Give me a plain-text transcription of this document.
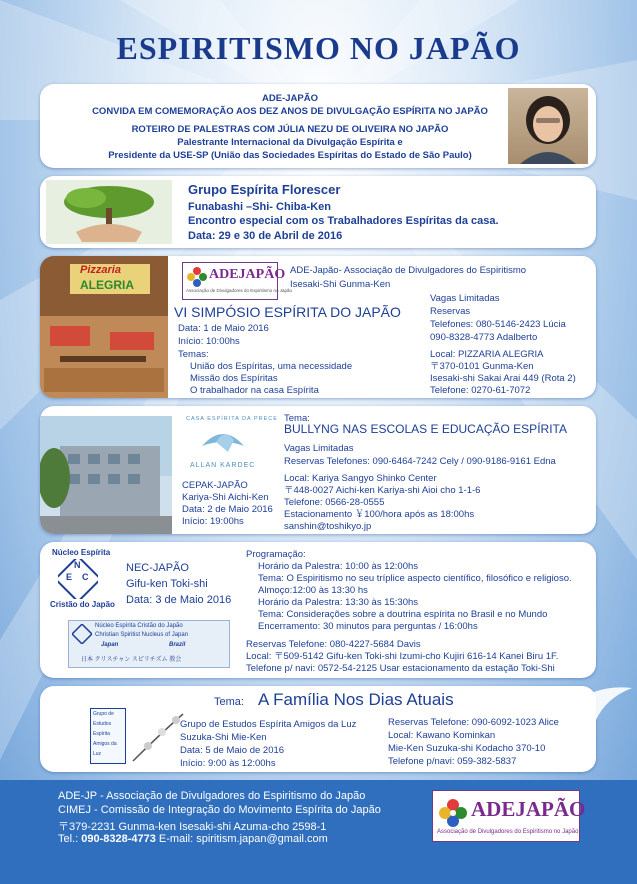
ESPIRITISMO NO JAPÃO
ADE-JAPÃO
CONVIDA EM COMEMORAÇÃO AOS DEZ ANOS DE DIVULGAÇÃO ESPÍRITA NO JAPÃO
ROTEIRO DE PALESTRAS COM JÚLIA NEZU DE OLIVEIRA NO JAPÃO
Palestrante Internacional da Divulgação Espírita e
Presidente da USE-SP (União das Sociedades Espíritas do Estado de São Paulo)
Grupo Espírita Florescer
Funabashi –Shi- Chiba-Ken
Encontro especial com os Trabalhadores Espíritas da casa.
Data: 29 e 30 de Abril de 2016
Pizzaria
ALEGRIA
ADEJAPÃO
Associação de Divulgadores do Espiritismo no Japão
ADE-Japão- Associação de Divulgadores do Espiritismo
Isesaki-Shi Gunma-Ken
VI SIMPÓSIO ESPÍRITA DO JAPÃO
Data: 1 de Maio 2016
Início: 10:00hs
Temas:
União dos Espíritas, uma necessidade
Missão dos Espíritas
O trabalhador na casa Espírita
Vagas Limitadas
Reservas
Telefones: 080-5146-2423 Lúcia
090-8328-4773 Adalberto
Local: PIZZARIA ALEGRIA
〒370-0101 Gunma-Ken
Isesaki-shi Sakai Arai 449 (Rota 2)
Telefone: 0270-61-7072
CASA ESPÍRITA DA PRECE
ALLAN KARDEC
CEPAK-JAPÃO
Kariya-Shi Aichi-Ken
Data: 2 de Maio 2016
Início: 19:00hs
Tema:
BULLYNG NAS ESCOLAS E EDUCAÇÃO ESPÍRITA
Vagas Limitadas
Reservas Telefones: 090-6464-7242 Cely / 090-9186-9161 Edna
Local: Kariya Sangyo Shinko Center
〒448-0027 Aichi-ken Kariya-shi Aioi cho 1-1-6
Telefone: 0566-28-0555
Estacionamento ￥100/hora após as 18:00hs
sanshin@toshikyo.jp
Núcleo Espírita
N
E C
Cristão do Japão
NEC-JAPÃO
Gifu-ken Toki-shi
Data: 3 de Maio 2016
Núcleo Espírita Cristão do Japão
Christian Spiritist Nucleus of Japan
Japan	Brazil
日本 クリスチャン スピリチズム 教会
Programação:
Horário da Palestra: 10:00 às 12:00hs
Tema: O Espiritismo no seu tríplice aspecto científico, filosófico e religioso.
Almoço:12:00 às 13:30 hs
Horário da Palestra: 13:30 às 15:30hs
Tema: Considerações sobre a doutrina espírita no Brasil e no Mundo
Encerramento: 30 minutos para perguntas / 16:00hs
Reservas Telefone: 080-4227-5684 Davis
Local: 〒509-5142 Gifu-ken Toki-shi Izumi-cho Kujiri 616-14 Kanei Biru 1F.
Telefone p/ navi: 0572-54-2125 Usar estacionamento da estação Toki-Shi
Tema: A Família Nos Dias Atuais
Grupo de
Estudos
Espírita
Amigos da
Luz
Grupo de Estudos Espírita Amigos da Luz
Suzuka-Shi Mie-Ken
Data: 5 de Maio de 2016
Início: 9:00 às 12:00hs
Reservas Telefone: 090-6092-1023 Alice
Local: Kawano Kominkan
Mie-Ken Suzuka-shi Kodacho 370-10
Telefone p/navi: 059-382-5837
ADE-JP - Associação de Divulgadores do Espiritismo do Japão
CIMEJ - Comissão de Integração do Movimento Espírita do Japão
〒379-2231 Gunma-ken Isesaki-shi Azuma-cho 2598-1
Tel.: 090-8328-4773 E-mail: spiritism.japan@gmail.com
ADEJAPÃO
Associação de Divulgadores do Espiritismo no Japão
